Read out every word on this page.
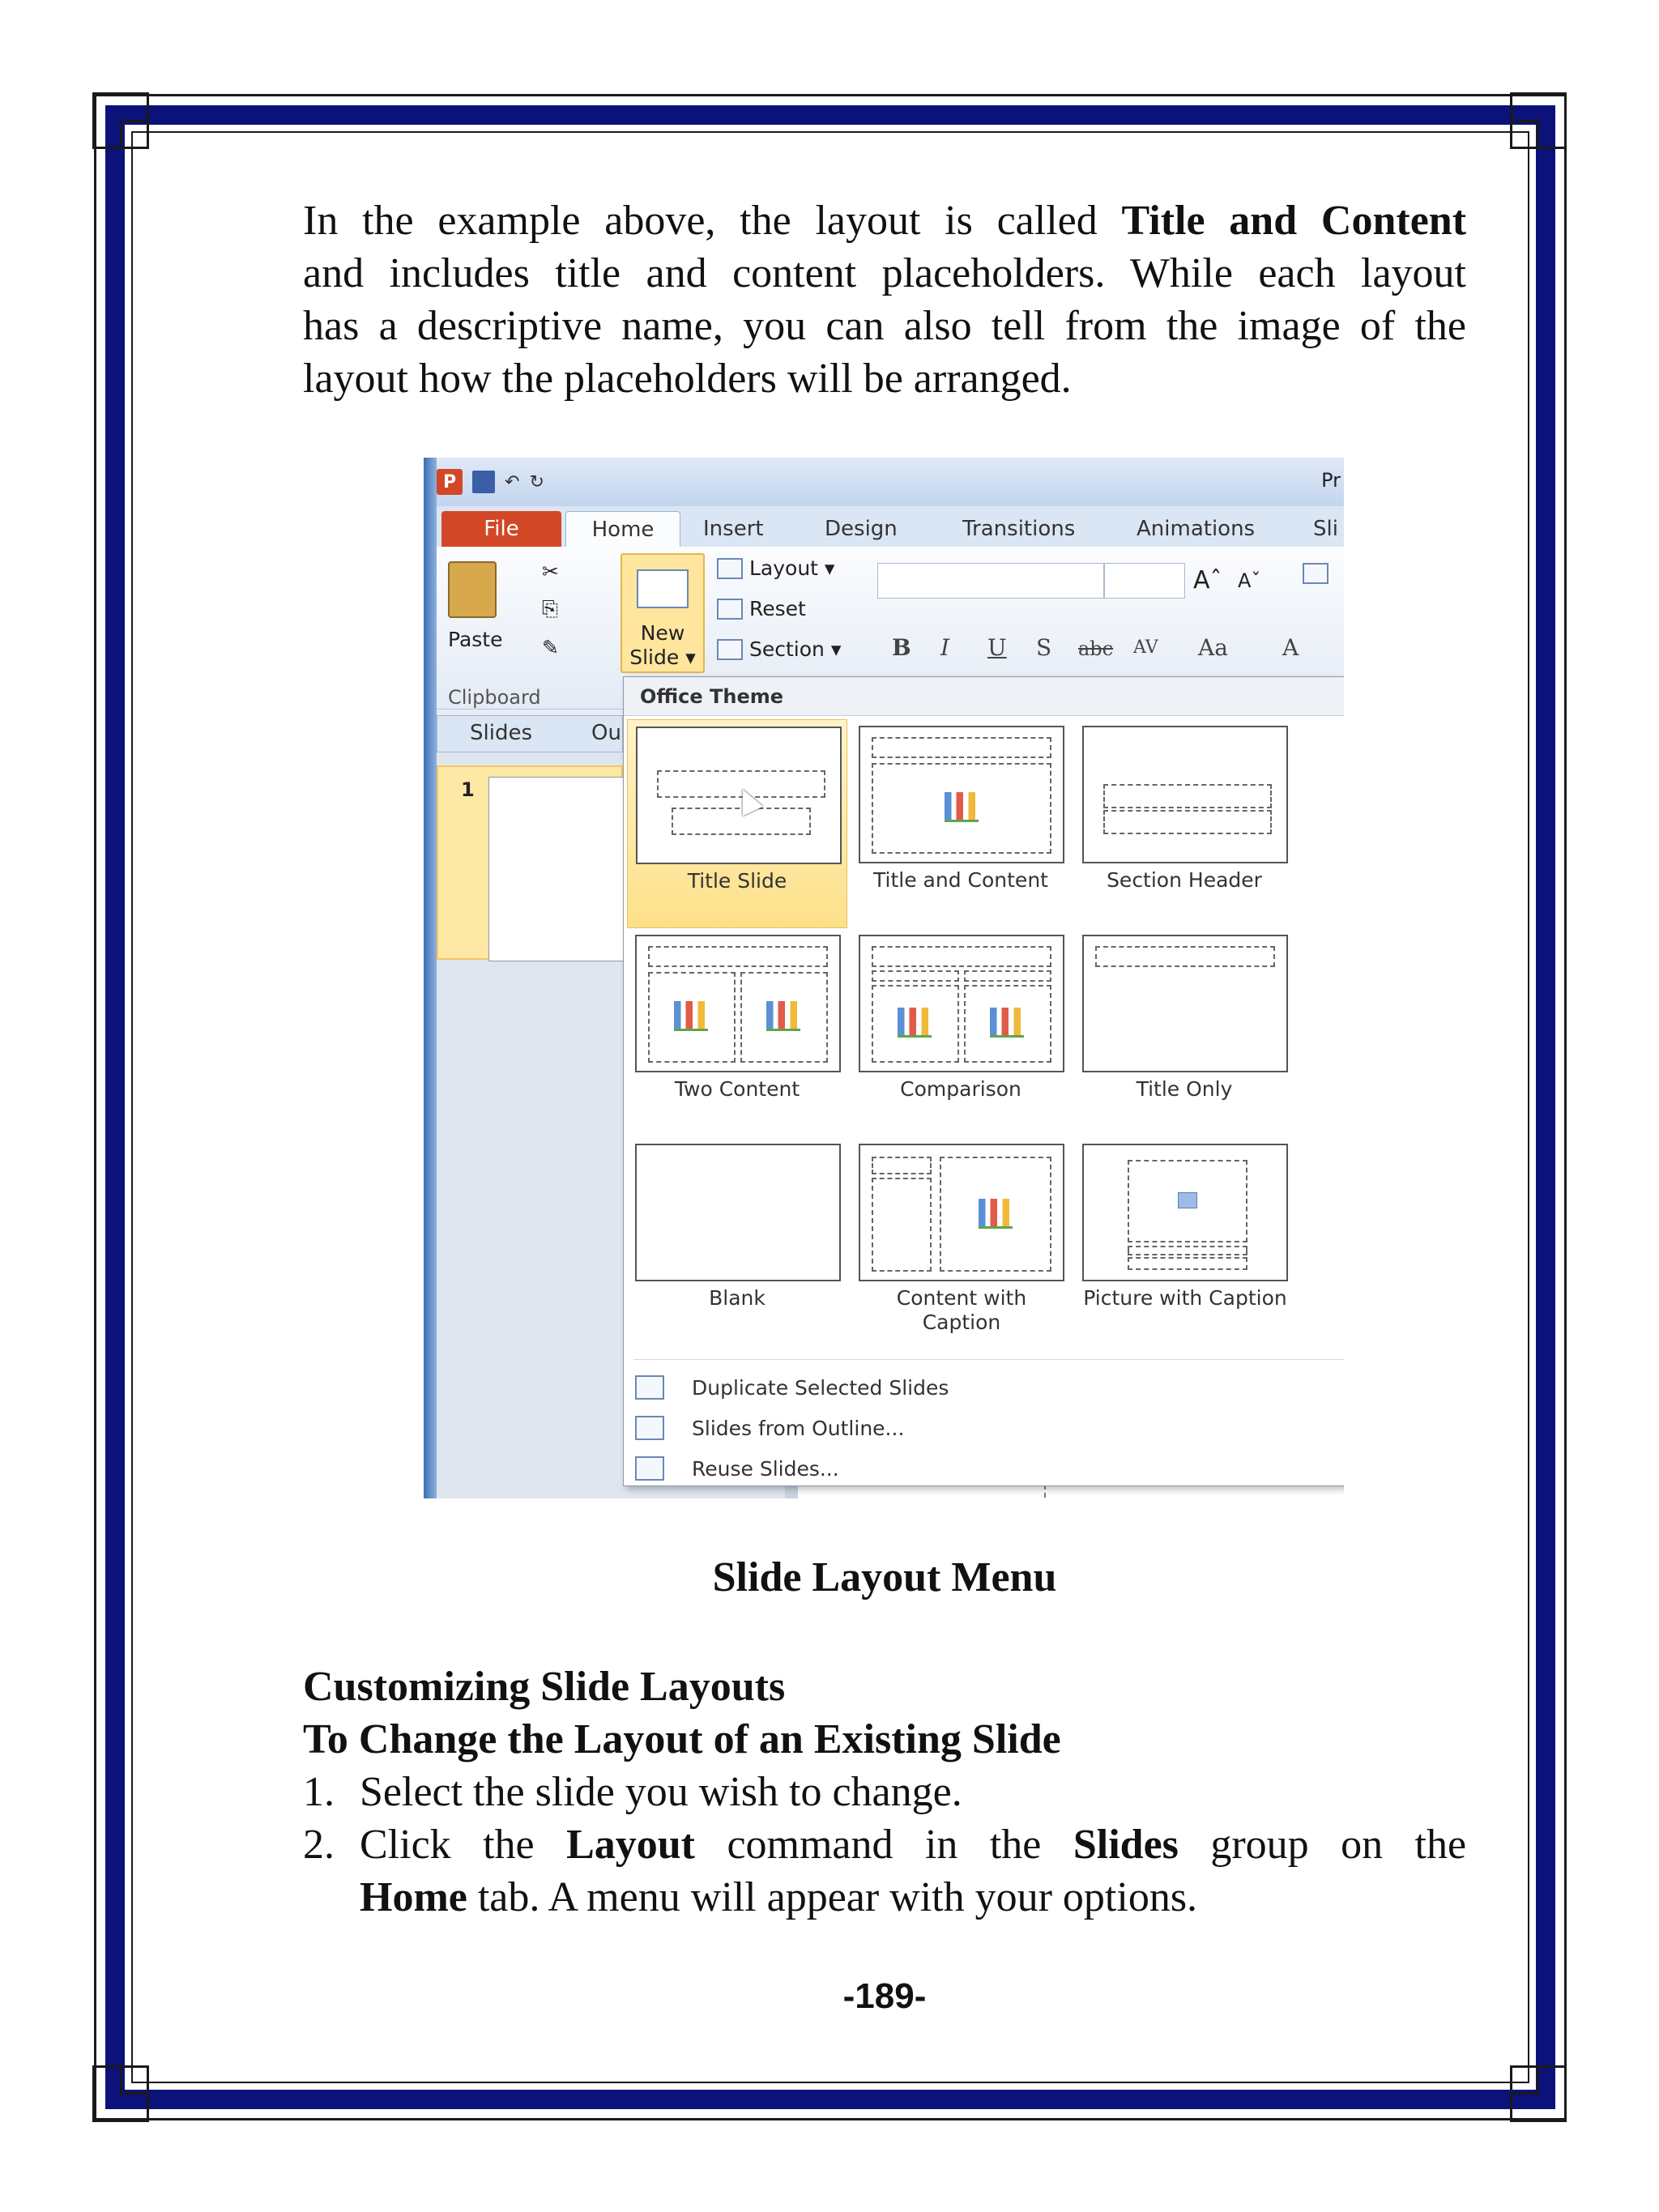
In the example above, the layout is called Title and Content
and includes title and content placeholders. While each layout
has a descriptive name, you can also tell from the image of the
layout how the placeholders will be arranged.
P	↶ ↻	Pr
File	Home	Insert	Design	Transitions	Animations	Sli
Paste
✂
⎘
✎
New
Slide ▾
Layout ▾
Reset
Section ▾
Clipboard
Aˆ Aˇ
B I U S abc AV Aa A
Slides	Ou
1
Office Theme
Title Slide	Title and Content	Section Header
Two Content	Comparison	Title Only
Blank	Content with Caption
Picture with Caption
Duplicate Selected Slides
Slides from Outline...
Reuse Slides...
Slide Layout Menu
Customizing Slide Layouts
To Change the Layout of an Existing Slide
1. Select the slide you wish to change.
2. Click the Layout command in the Slides group on the
Home tab. A menu will appear with your options.
-189-
